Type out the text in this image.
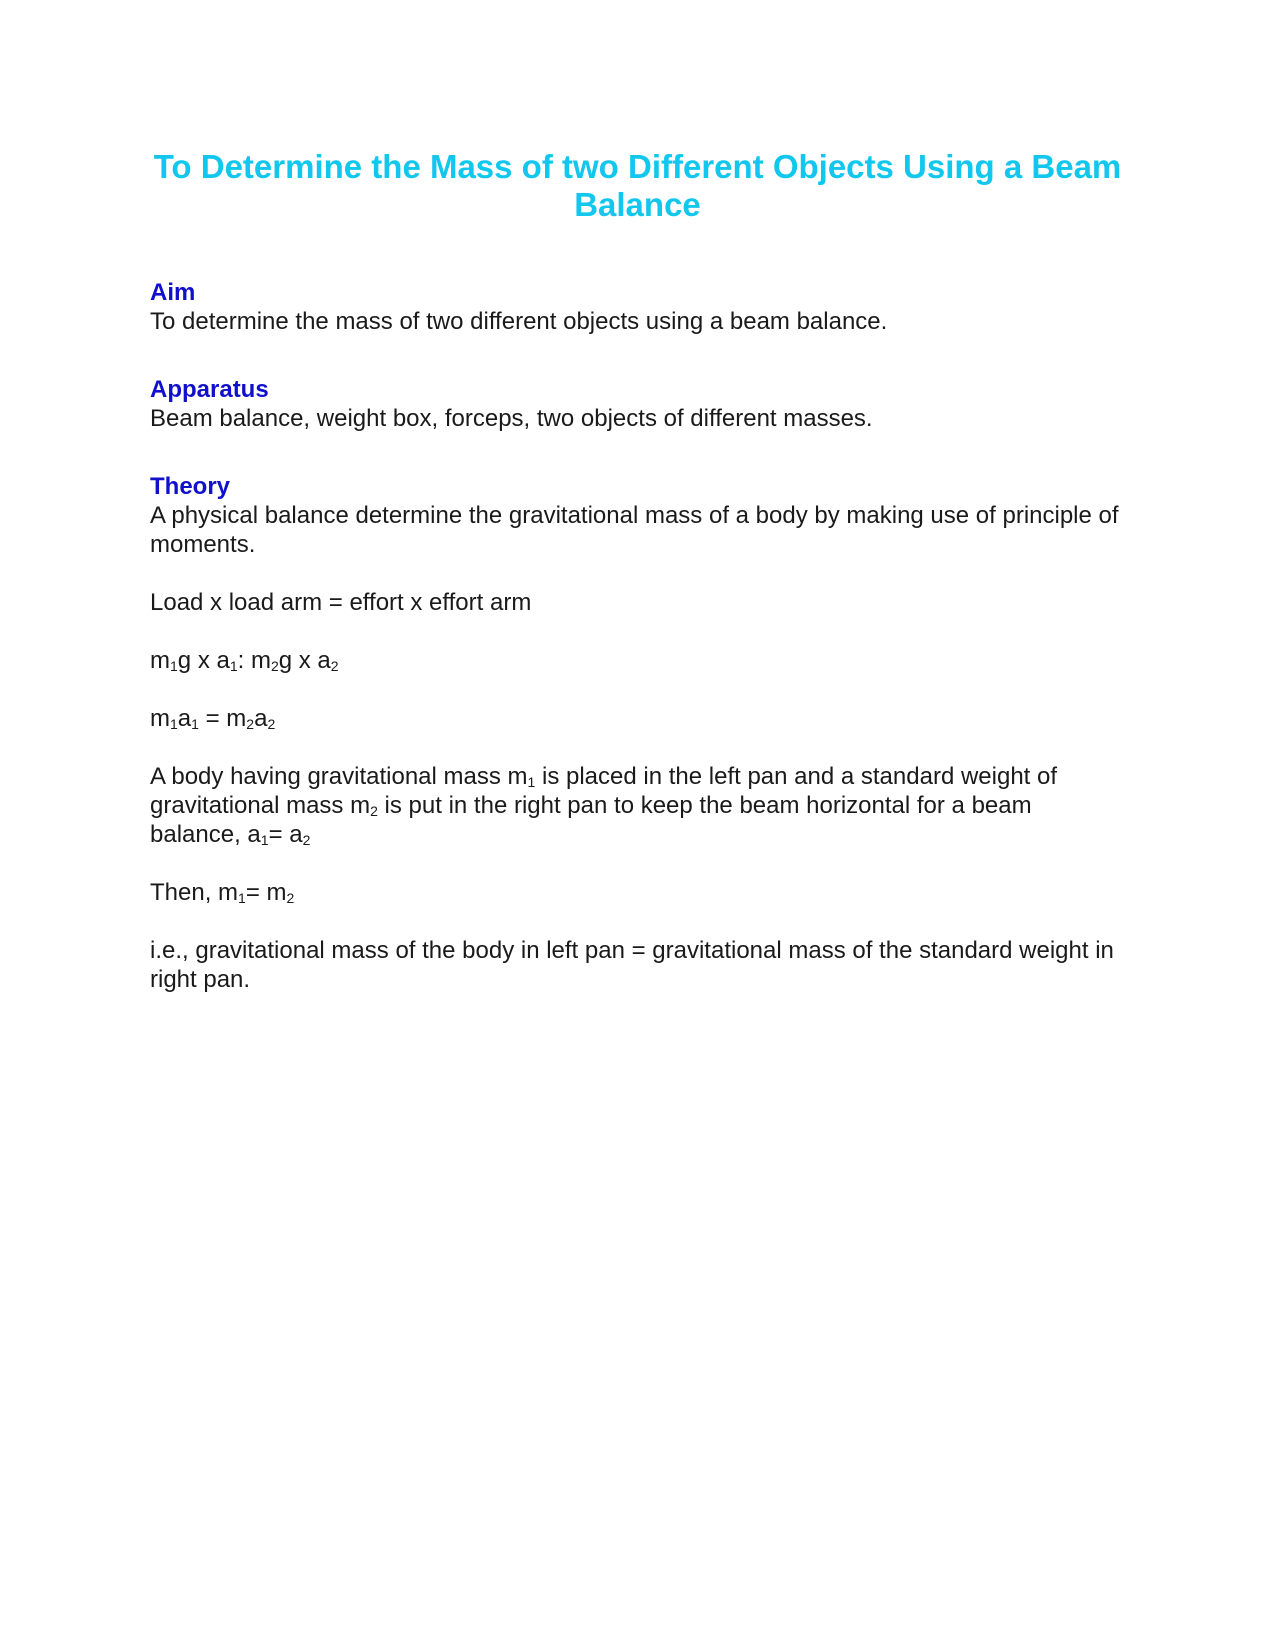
To Determine the Mass of two Different Objects Using a Beam Balance
Aim

To determine the mass of two different objects using a beam balance.

Apparatus

Beam balance, weight box, forceps, two objects of different masses.

Theory

A physical balance determine the gravitational mass of a body by making use of principle of moments.

Load x load arm = effort x effort arm

$m_1g$ x $a_1$: $m_2g$ x $a_2$

$m_1a_1 = m_2a_2$

A body having gravitational mass $m_1$ is placed in the left pan and a standard weight of gravitational mass $m_2$ is put in the right pan to keep the beam horizontal for a beam balance, $a_1= a_2$

Then, $m_1= m_2$

i.e., gravitational mass of the body in left pan = gravitational mass of the standard weight in right pan.
